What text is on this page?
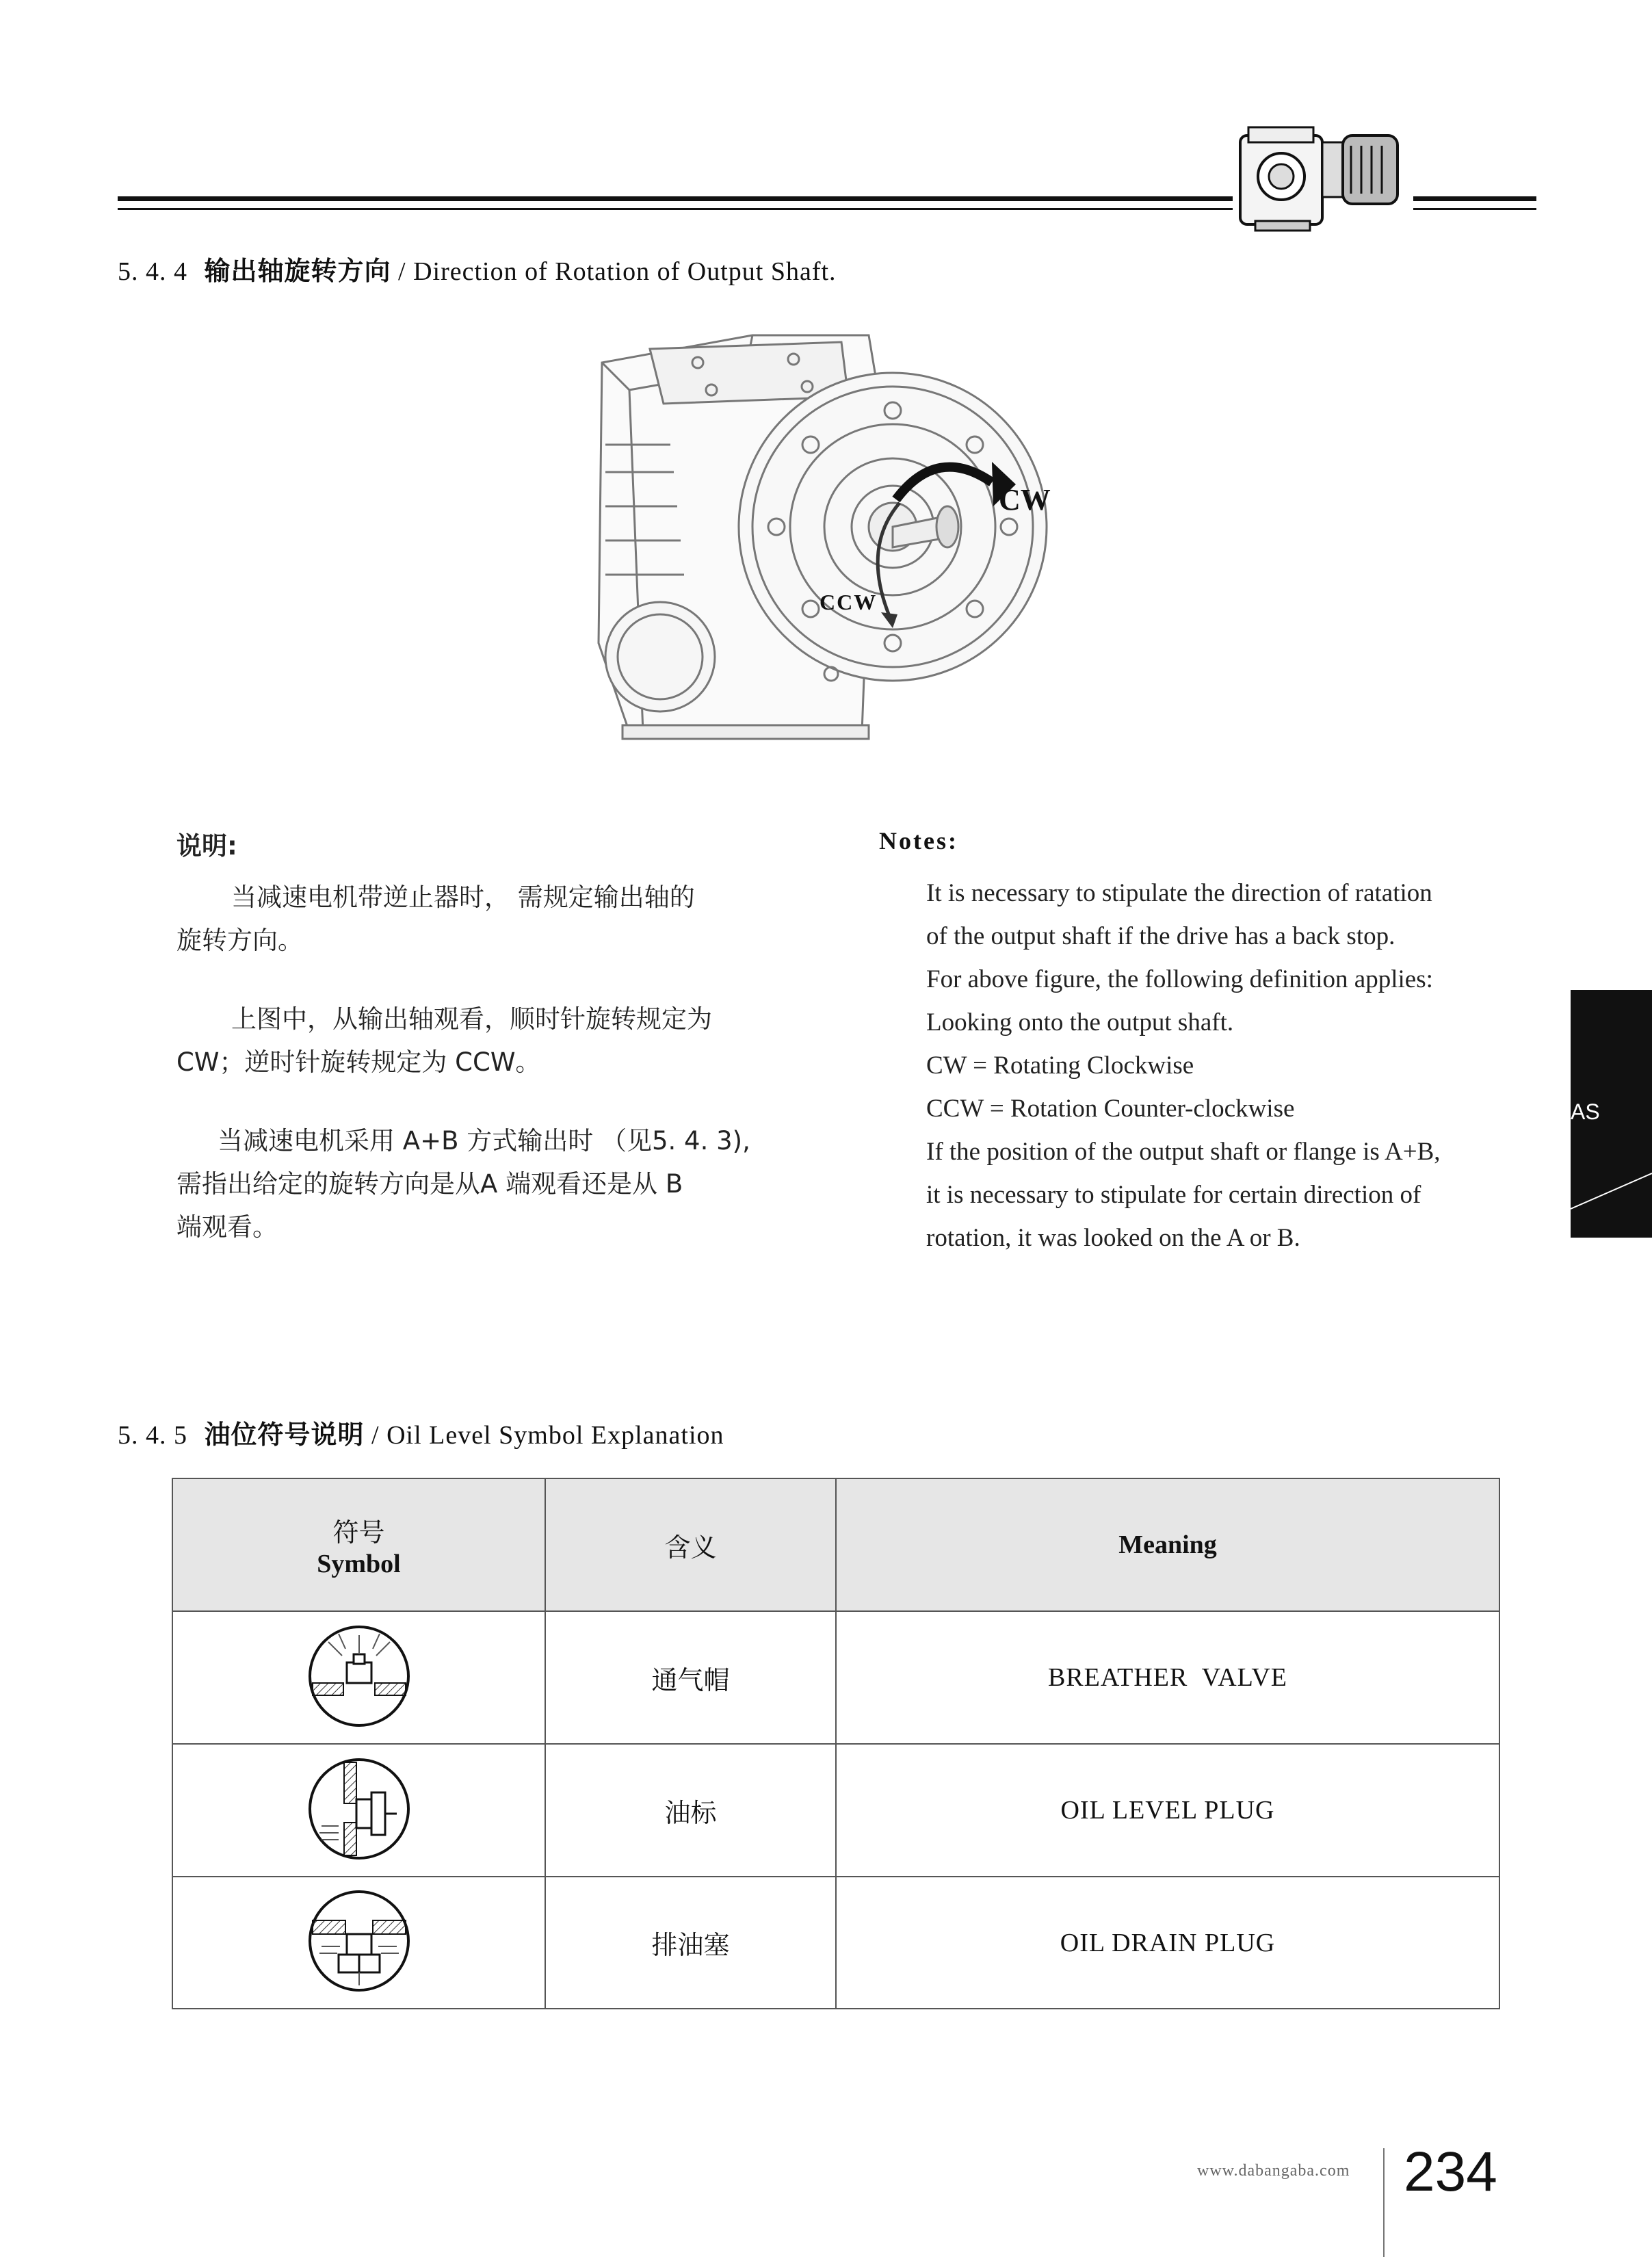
5. 4. 4 输出轴旋转方向 / Direction of Rotation of Output Shaft.
CW
CCW
说明:
当减速电机带逆止器时， 需规定输出轴的
旋转方向。
上图中，从输出轴观看，顺时针旋转规定为
CW；逆时针旋转规定为 CCW。
当减速电机采用 A+B 方式输出时 （见5. 4. 3),
需指出给定的旋转方向是从A 端观看还是从 B
端观看。
Notes:
It is necessary to stipulate the direction of ratation
of the output shaft if the drive has a back stop.
For above figure, the following definition applies:
Looking onto the output shaft.
CW = Rotating Clockwise
CCW = Rotation Counter-clockwise
If the position of the output shaft or flange is A+B,
it is necessary to stipulate for certain direction of
rotation, it was looked on the A or B.
AS
5. 4. 5 油位符号说明 / Oil Level Symbol Explanation
符号
Symbol	含义	Meaning
	通气帽	BREATHER  VALVE
	油标	OIL LEVEL PLUG
	排油塞	OIL DRAIN PLUG
www.dabangaba.com 234
